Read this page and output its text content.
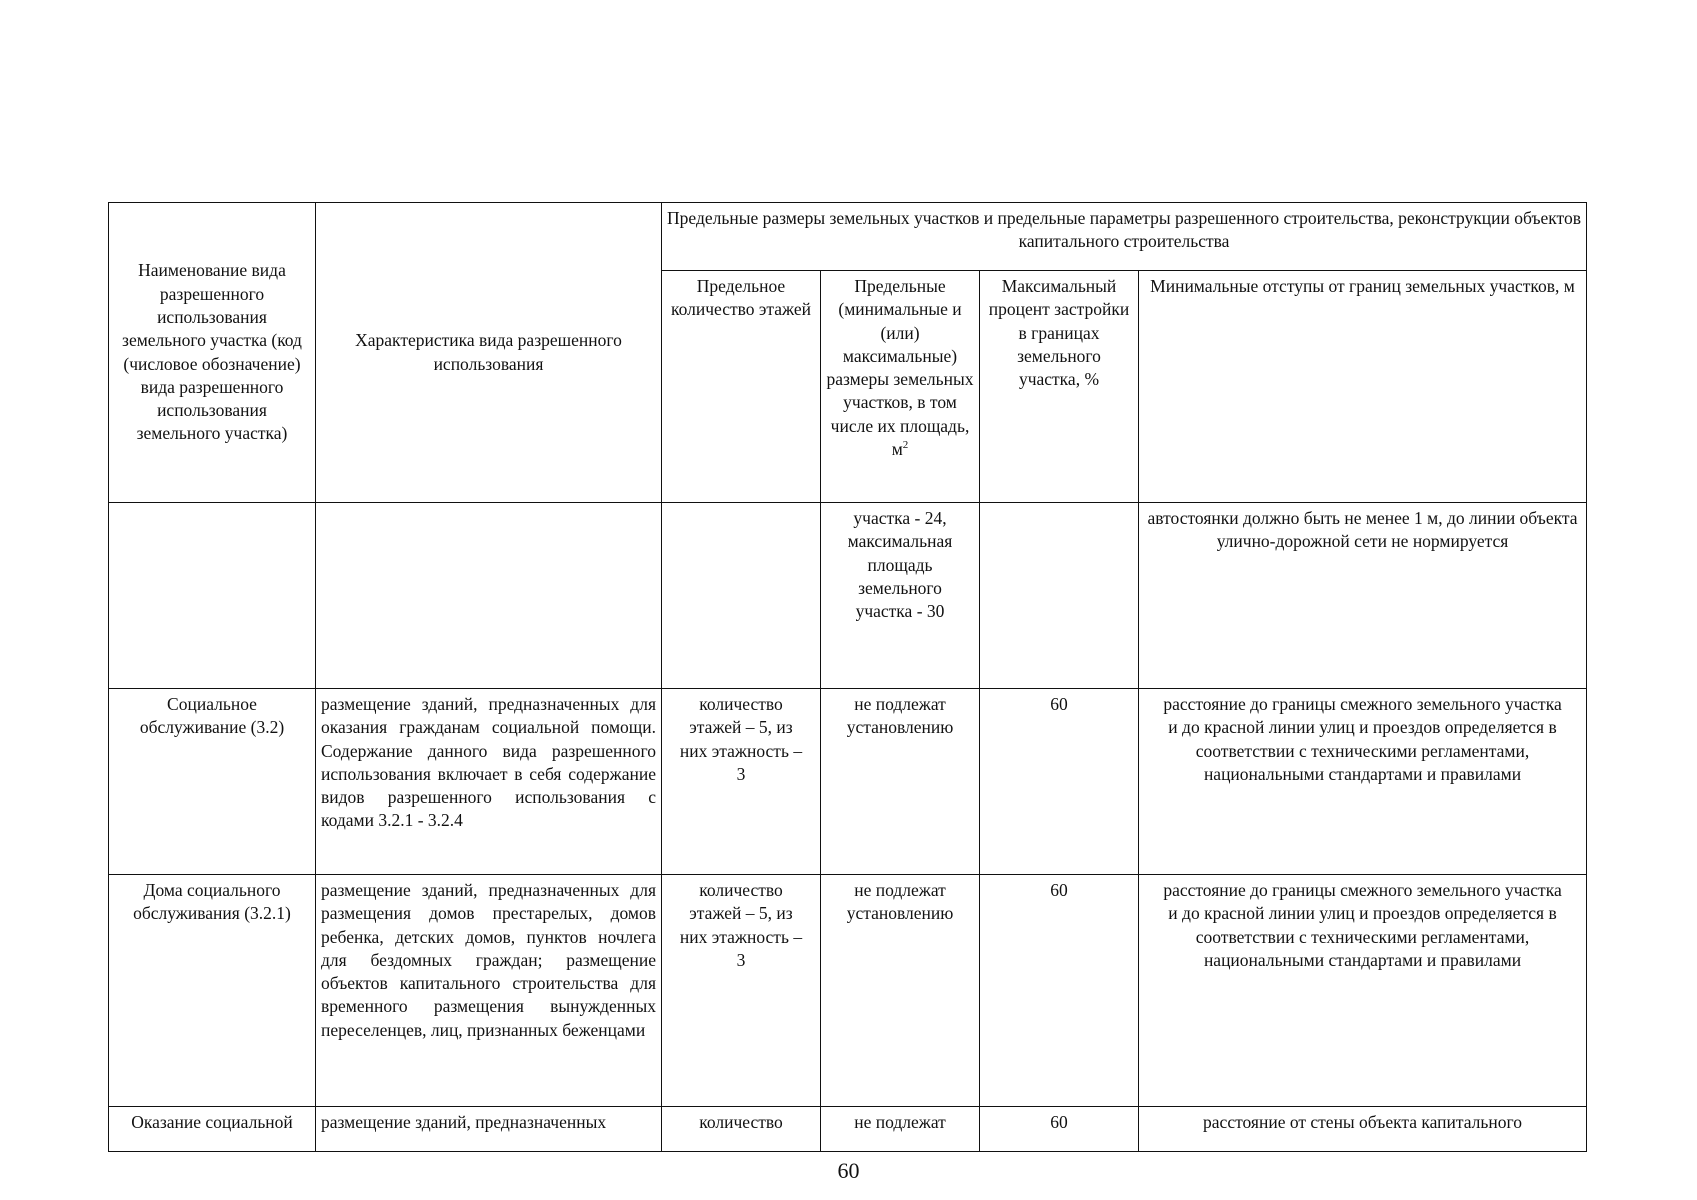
Наименование вида разрешенного использования земельного участка (код (числовое обозначение) вида разрешенного использования земельного участка)	Характеристика вида разрешенного использования	Предельные размеры земельных участков и предельные параметры разрешенного строительства, реконструкции объектов капитального строительства			
		Предельное количество этажей	Предельные (минимальные и (или) максимальные) размеры земельных участков, в том числе их площадь, $м^2$	Максимальный процент застройки в границах земельного участка, %	Минимальные отступы от границ земельных участков, м
			участка - 24, максимальная площадь земельного участка - 30		автостоянки должно быть не менее 1 м, до линии объекта улично-дорожной сети не нормируется
Социальное обслуживание (3.2)	размещение зданий, предназначенных для оказания гражданам социальной помощи. Содержание данного вида разрешенного использования включает в себя содержание видов разрешенного использования с кодами 3.2.1 - 3.2.4	количество этажей – 5, из них этажность – 3	не подлежат установлению	60	расстояние до границы смежного земельного участка и до красной линии улиц и проездов определяется в соответствии с техническими регламентами, национальными стандартами и правилами
Дома социального обслуживания (3.2.1)	размещение зданий, предназначенных для размещения домов престарелых, домов ребенка, детских домов, пунктов ночлега для бездомных граждан; размещение объектов капитального строительства для временного размещения вынужденных переселенцев, лиц, признанных беженцами	количество этажей – 5, из них этажность – 3	не подлежат установлению	60	расстояние до границы смежного земельного участка и до красной линии улиц и проездов определяется в соответствии с техническими регламентами, национальными стандартами и правилами
Оказание социальной	размещение зданий, предназначенных	количество	не подлежат	60	расстояние от стены объекта капитального
60
